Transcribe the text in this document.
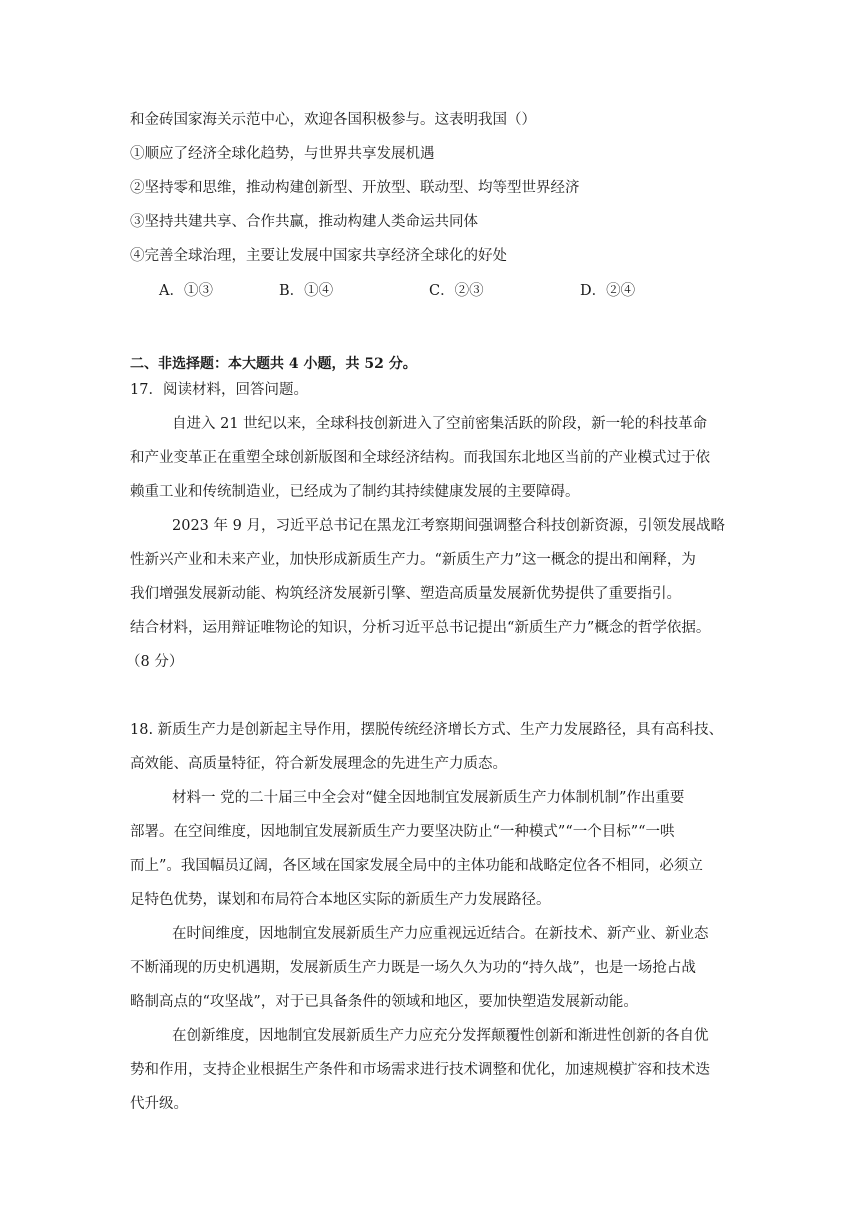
和金砖国家海关示范中心，欢迎各国积极参与。这表明我国（）
①顺应了经济全球化趋势，与世界共享发展机遇
②坚持零和思维，推动构建创新型、开放型、联动型、均等型世界经济
③坚持共建共享、合作共赢，推动构建人类命运共同体
④完善全球治理，主要让发展中国家共享经济全球化的好处
A．①③	B．①④	C．②③	D．②④
二、非选择题：本大题共 4 小题，共 52 分。
17．阅读材料，回答问题。
自进入 21 世纪以来，全球科技创新进入了空前密集活跃的阶段，新一轮的科技革命
和产业变革正在重塑全球创新版图和全球经济结构。而我国东北地区当前的产业模式过于依
赖重工业和传统制造业，已经成为了制约其持续健康发展的主要障碍。
2023 年 9 月，习近平总书记在黑龙江考察期间强调整合科技创新资源，引领发展战略
性新兴产业和未来产业，加快形成新质生产力。“新质生产力”这一概念的提出和阐释，为
我们增强发展新动能、构筑经济发展新引擎、塑造高质量发展新优势提供了重要指引。
结合材料，运用辩证唯物论的知识，分析习近平总书记提出“新质生产力”概念的哲学依据。
（8 分）
18. 新质生产力是创新起主导作用，摆脱传统经济增长方式、生产力发展路径，具有高科技、
高效能、高质量特征，符合新发展理念的先进生产力质态。
材料一 党的二十届三中全会对“健全因地制宜发展新质生产力体制机制”作出重要
部署。在空间维度，因地制宜发展新质生产力要坚决防止“一种模式”“一个目标”“一哄
而上”。我国幅员辽阔，各区域在国家发展全局中的主体功能和战略定位各不相同，必须立
足特色优势，谋划和布局符合本地区实际的新质生产力发展路径。
在时间维度，因地制宜发展新质生产力应重视远近结合。在新技术、新产业、新业态
不断涌现的历史机遇期，发展新质生产力既是一场久久为功的“持久战”，也是一场抢占战
略制高点的“攻坚战”，对于已具备条件的领域和地区，要加快塑造发展新动能。
在创新维度，因地制宜发展新质生产力应充分发挥颠覆性创新和渐进性创新的各自优
势和作用，支持企业根据生产条件和市场需求进行技术调整和优化，加速规模扩容和技术迭
代升级。
